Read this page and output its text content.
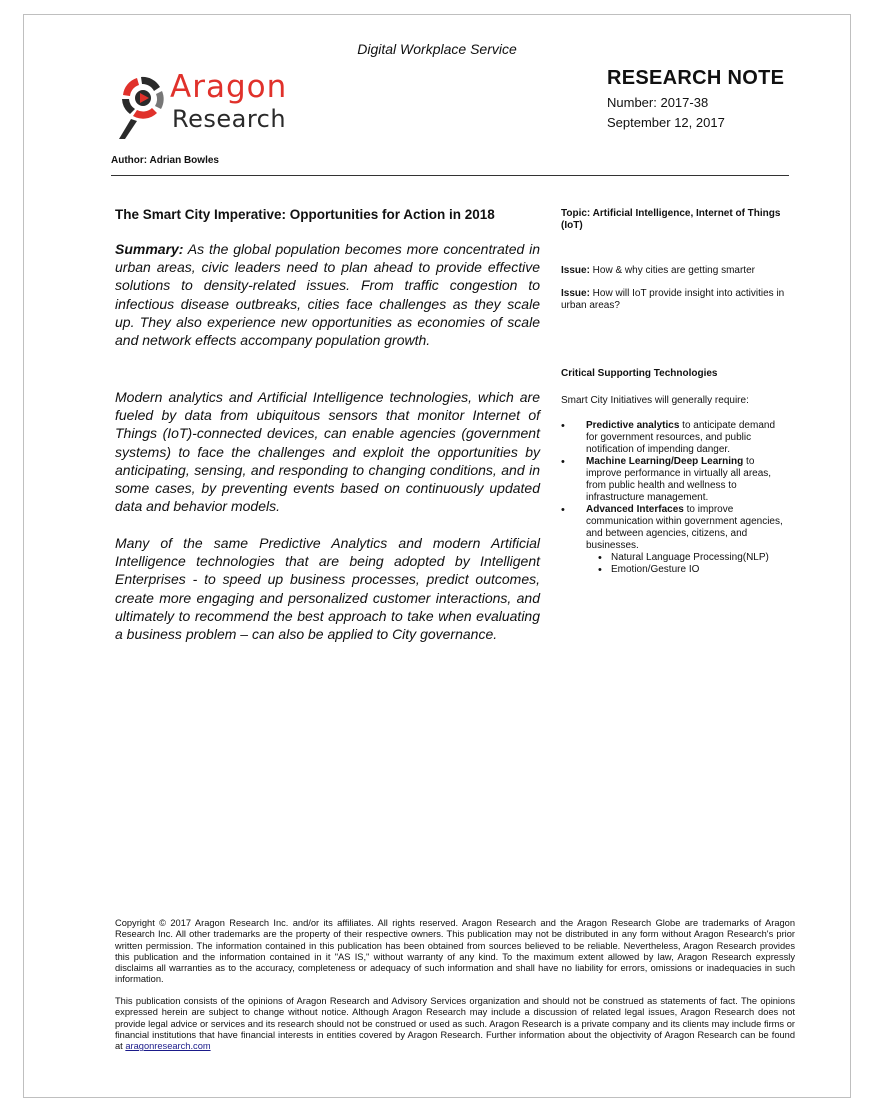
Digital Workplace Service
Aragon
Research
RESEARCH NOTE
Number: 2017-38
September 12, 2017
Author: Adrian Bowles
The Smart City Imperative: Opportunities for Action in 2018
Summary: As the global population becomes more concentrated in urban areas, civic leaders need to plan ahead to provide effective solutions to density-related issues. From traffic congestion to infectious disease outbreaks, cities face challenges as they scale up. They also experience new opportunities as economies of scale and network effects accompany population growth.
Modern analytics and Artificial Intelligence technologies, which are fueled by data from ubiquitous sensors that monitor Internet of Things (IoT)-connected devices, can enable agencies (government systems) to face the challenges and exploit the opportunities by anticipating, sensing, and responding to changing conditions, and in some cases, by preventing events based on continuously updated data and behavior models.
Many of the same Predictive Analytics and modern Artificial Intelligence technologies that are being adopted by Intelligent Enterprises - to speed up business processes, predict outcomes, create more engaging and personalized customer interactions, and ultimately to recommend the best approach to take when evaluating a business problem – can also be applied to City governance.
Topic: Artificial Intelligence, Internet of Things (IoT)
Issue: How & why cities are getting smarter
Issue: How will IoT provide insight into activities in urban areas?
Critical Supporting Technologies
Smart City Initiatives will generally require:
• Predictive analytics to anticipate demand for government resources, and public notification of impending danger.
• Machine Learning/Deep Learning to improve performance in virtually all areas, from public health and wellness to infrastructure management.
• Advanced Interfaces to improve communication within government agencies, and between agencies, citizens, and businesses.
• Natural Language Processing(NLP)
• Emotion/Gesture IO
Copyright © 2017 Aragon Research Inc. and/or its affiliates. All rights reserved. Aragon Research and the Aragon Research Globe are trademarks of Aragon Research Inc. All other trademarks are the property of their respective owners. This publication may not be distributed in any form without Aragon Research's prior written permission. The information contained in this publication has been obtained from sources believed to be reliable. Nevertheless, Aragon Research provides this publication and the information contained in it "AS IS," without warranty of any kind. To the maximum extent allowed by law, Aragon Research expressly disclaims all warranties as to the accuracy, completeness or adequacy of such information and shall have no liability for errors, omissions or inadequacies in such information.
This publication consists of the opinions of Aragon Research and Advisory Services organization and should not be construed as statements of fact. The opinions expressed herein are subject to change without notice. Although Aragon Research may include a discussion of related legal issues, Aragon Research does not provide legal advice or services and its research should not be construed or used as such. Aragon Research is a private company and its clients may include firms or financial institutions that have financial interests in entities covered by Aragon Research. Further information about the objectivity of Aragon Research can be found at aragonresearch.com
